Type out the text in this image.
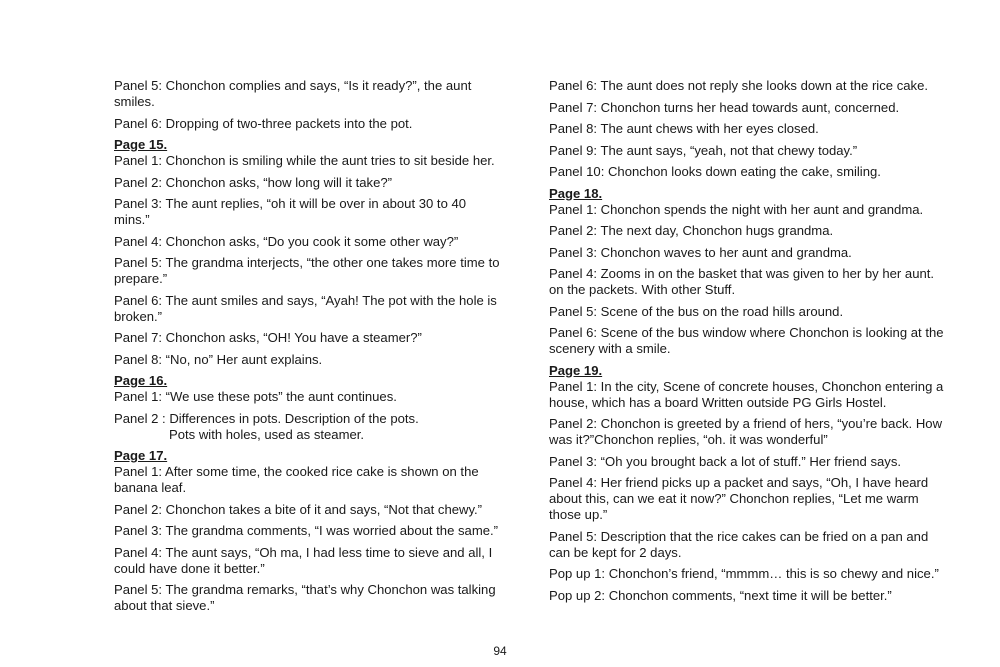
Panel 5: Chonchon complies and says, “Is it ready?”, the aunt smiles.

Panel 6: Dropping of two-three packets into the pot.

Page 15.

Panel 1: Chonchon is smiling while the aunt tries to sit beside her.

Panel 2: Chonchon asks, “how long will it take?”

Panel 3: The aunt replies, “oh it will be over in about 30 to 40 mins.”

Panel 4: Chonchon asks, “Do you cook it some other way?”

Panel 5: The grandma interjects, “the other one takes more time to prepare.”

Panel 6: The aunt smiles and says, “Ayah! The pot with the hole is broken.”

Panel 7: Chonchon asks, “OH! You have a steamer?”

Panel 8: “No, no” Her aunt explains.

Page 16.

Panel 1: “We use these pots” the aunt continues.

Panel 2 : Differences in pots. Description of the pots.
Pots with holes, used as steamer.

Page 17.

Panel 1: After some time, the cooked rice cake is shown on the banana leaf.

Panel 2: Chonchon takes a bite of it and says, “Not that chewy.”

Panel 3: The grandma comments, “I was worried about the same.”

Panel 4: The aunt says, “Oh ma, I had less time to sieve and all, I could have done it better.”

Panel 5: The grandma remarks, “that’s why Chonchon was talking about that sieve.”

Panel 6: The aunt does not reply she looks down at the rice cake.

Panel 7: Chonchon turns her head towards aunt, concerned.

Panel 8: The aunt chews with her eyes closed.

Panel 9: The aunt says, “yeah, not that chewy today.”

Panel 10: Chonchon looks down eating the cake, smiling.

Page 18.

Panel 1: Chonchon spends the night with her aunt and grandma.

Panel 2: The next day, Chonchon hugs grandma.

Panel 3: Chonchon waves to her aunt and grandma.

Panel 4: Zooms in on the basket that was given to her by her aunt. on the packets. With other Stuff.

Panel 5: Scene of the bus on the road hills around.

Panel 6: Scene of the bus window where Chonchon is looking at the scenery with a smile.

Page 19.

Panel 1: In the city, Scene of concrete houses, Chonchon entering a house, which has a board Written outside PG Girls Hostel.

Panel 2: Chonchon is greeted by a friend of hers, “you’re back. How was it?”Chonchon replies, “oh. it was wonderful”

Panel 3: “Oh you brought back a lot of stuff.” Her friend says.

Panel 4: Her friend picks up a packet and says, “Oh, I have heard about this, can we eat it now?” Chonchon replies, “Let me warm those up.”

Panel 5: Description that the rice cakes can be fried on a pan and can be kept for 2 days.

Pop up 1: Chonchon’s friend, “mmmm… this is so chewy and nice.”

Pop up 2: Chonchon comments, “next time it will be better.”

94
